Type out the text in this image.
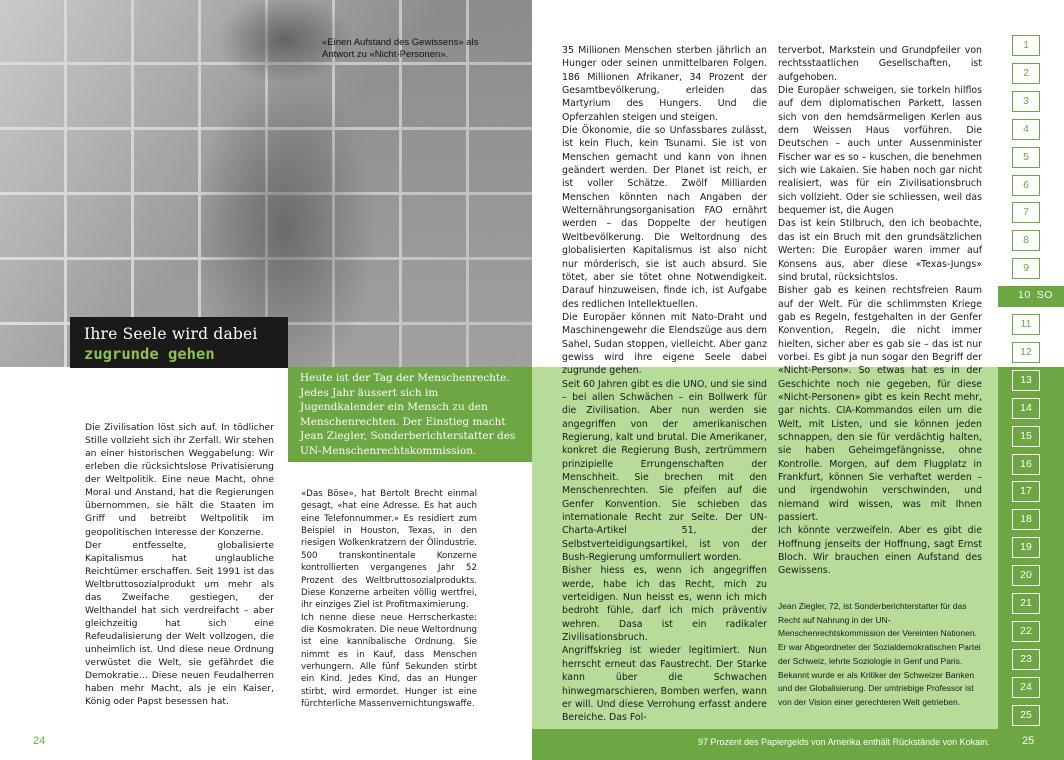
«Einen Aufstand des Gewissens» als Antwort zu «Nicht-Personen».
Ihre Seele wird dabei
zugrunde gehen
Heute ist der Tag der Menschenrechte. Jedes Jahr äussert sich im Jugendkalender ein Mensch zu den Menschenrechten. Der Einstieg macht Jean Ziegler, Sonderberichterstatter des UN-Menschenrechtskommission.

Die Zivilisation löst sich auf. In tödlicher Stille vollzieht sich ihr Zerfall. Wir stehen an einer historischen Weggabelung: Wir erleben die rücksichtslose Privatisierung der Weltpolitik. Eine neue Macht, ohne Moral und Anstand, hat die Regierungen übernommen, sie hält die Staaten im Griff und betreibt Weltpolitik im geopolitischen Interesse der Konzerne.

Der entfesselte, globalisierte Kapitalismus hat unglaubliche Reichtümer erschaffen. Seit 1991 ist das Weltbruttosozialprodukt um mehr als das Zweifache gestiegen, der Welthandel hat sich verdreifacht – aber gleichzeitig hat sich eine Refeudalisierung der Welt vollzogen, die unheimlich ist. Und diese neue Ordnung verwüstet die Welt, sie gefährdet die Demokratie… Diese neuen Feudalherren haben mehr Macht, als je ein Kaiser, König oder Papst besessen hat.

«Das Böse», hat Bertolt Brecht einmal gesagt, «hat eine Adresse. Es hat auch eine Telefonnummer.» Es residiert zum Beispiel in Houston, Texas, in den riesigen Wolkenkratzern der Ölindustrie. 500 transkontinentale Konzerne kontrollierten vergangenes Jahr 52 Prozent des Weltbruttosozialprodukts. Diese Konzerne arbeiten völlig wertfrei, ihr einziges Ziel ist Profitmaximierung.

Ich nenne diese neue Herrscherkaste: die Kosmokraten. Die neue Weltordnung ist eine kannibalische Ordnung. Sie nimmt es in Kauf, dass Menschen verhungern. Alle fünf Sekunden stirbt ein Kind. Jedes Kind, das an Hunger stirbt, wird ermordet. Hunger ist eine fürchterliche Massenvernichtungswaffe.

24

35 Millionen Menschen sterben jährlich an Hunger oder seinen unmittelbaren Folgen. 186 Millionen Afrikaner, 34 Prozent der Gesamtbevölkerung, erleiden das Martyrium des Hungers. Und die Opferzahlen steigen und steigen.

Die Ökonomie, die so Unfassbares zulässt, ist kein Fluch, kein Tsunami. Sie ist von Menschen gemacht und kann von ihnen geändert werden. Der Planet ist reich, er ist voller Schätze. Zwölf Milliarden Menschen könnten nach Angaben der Welternährungsorganisation FAO ernährt werden – das Doppelte der heutigen Weltbevölkerung. Die Weltordnung des globalisierten Kapitalismus ist also nicht nur mörderisch, sie ist auch absurd. Sie tötet, aber sie tötet ohne Notwendigkeit. Darauf hinzuweisen, finde ich, ist Aufgabe des redlichen Intellektuellen.

Die Europäer können mit Nato-Draht und Maschinengewehr die Elendszüge aus dem Sahel, Sudan stoppen, vielleicht. Aber ganz gewiss wird ihre eigene Seele dabei zugrunde gehen.

Seit 60 Jahren gibt es die UNO, und sie sind – bei allen Schwächen – ein Bollwerk für die Zivilisation. Aber nun werden sie angegriffen von der amerikanischen Regierung, kalt und brutal. Die Amerikaner, konkret die Regierung Bush, zertrümmern prinzipielle Errungenschaften der Menschheit. Sie brechen mit den Menschenrechten. Sie pfeifen auf die Genfer Konvention. Sie schieben das internationale Recht zur Seite. Der UN-Charta-Artikel 51, der Selbstverteidigungsartikel, ist von der Bush-Regierung umformuliert worden.

Bisher hiess es, wenn ich angegriffen werde, habe ich das Recht, mich zu verteidigen. Nun heisst es, wenn ich mich bedroht fühle, darf ich mich präventiv wehren. Dasa ist ein radikaler Zivilisationsbruch.

Angriffskrieg ist wieder legitimiert. Nun herrscht erneut das Faustrecht. Der Starke kann über die Schwachen hinwegmarschieren, Bomben werfen, wann er will. Und diese Verrohung erfasst andere Bereiche. Das Fol-

terverbot, Markstein und Grundpfeiler von rechtsstaatlichen Gesellschaften, ist aufgehoben.

Die Europäer schweigen, sie torkeln hilflos auf dem diplomatischen Parkett, lassen sich von den hemdsärmeligen Kerlen aus dem Weissen Haus vorführen. Die Deutschen – auch unter Aussenminister Fischer war es so – kuschen, die benehmen sich wie Lakaien. Sie haben noch gar nicht realisiert, was für ein Zivilisationsbruch sich vollzieht. Oder sie schliessen, weil das bequemer ist, die Augen

Das ist kein Stilbruch, den ich beobachte, das ist ein Bruch mit den grundsätzlichen Werten: Die Europäer waren immer auf Konsens aus, aber diese «Texas-Jungs» sind brutal, rücksichtslos.

Bisher gab es keinen rechtsfreien Raum auf der Welt. Für die schlimmsten Kriege gab es Regeln, festgehalten in der Genfer Konvention, Regeln, die nicht immer hielten, sicher aber es gab sie – das ist nur vorbei. Es gibt ja nun sogar den Begriff der «Nicht-Person». So etwas hat es in der Geschichte noch nie gegeben, für diese «Nicht-Personen» gibt es kein Recht mehr, gar nichts. CIA-Kommandos eilen um die Welt, mit Listen, und sie können jeden schnappen, den sie für verdächtig halten, sie haben Geheimgefängnisse, ohne Kontrolle. Morgen, auf dem Flugplatz in Frankfurt, können Sie verhaftet werden – und irgendwohin verschwinden, und niemand wird wissen, was mit Ihnen passiert.

Ich könnte verzweifeln. Aber es gibt die Hoffnung jenseits der Hoffnung, sagt Ernst Bloch. Wir brauchen einen Aufstand des Gewissens.

Jean Ziegler, 72, ist Sonderberichterstatter für das Recht auf Nahrung in der UN-Menschenrechtskommission der Vereinten Nationen. Er war Abgeordneter der Sozialdemokratischen Partei der Schweiz, lehrte Soziologie in Genf und Paris. Bekannt wurde er als Kritiker der Schweizer Banken und der Globalisierung. Der umtriebige Professor ist von der Vision einer gerechteren Welt getrieben.
97 Prozent des Papiergelds von Amerika enthält Rückstände von Kokain.	25
1
2
3
4
5
6
7
8
9
10 SO
11
12
13
14
15
16
17
18
19
20
21
22
23
24
25
